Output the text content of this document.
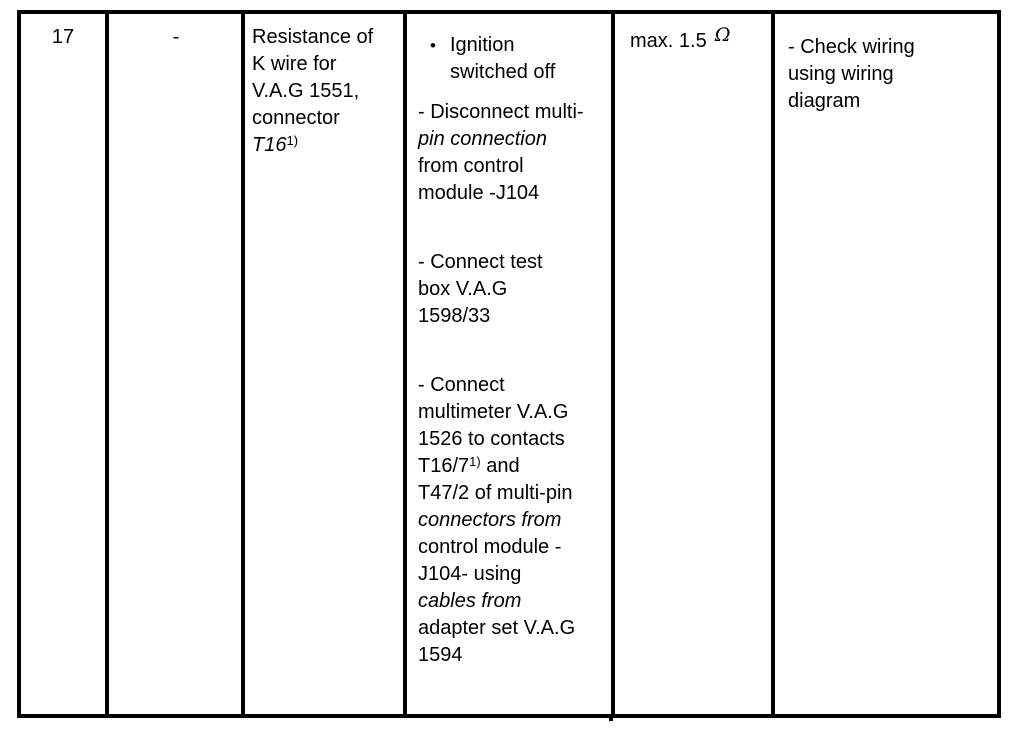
17	-	Resistance of
K wire for
V.A.G 1551,
connector
T16$^{1)}$
• Ignition
switched off
- Disconnect multi-
pin connection
from control
module -J104
- Connect test
box V.A.G
1598/33
- Connect
multimeter V.A.G
1526 to contacts
T16/7$^{1)}$ and
T47/2 of multi-pin
connectors from
control module -
J104- using
cables from
adapter set V.A.G
1594
max. 1.5 Ω
- Check wiring
using wiring
diagram
